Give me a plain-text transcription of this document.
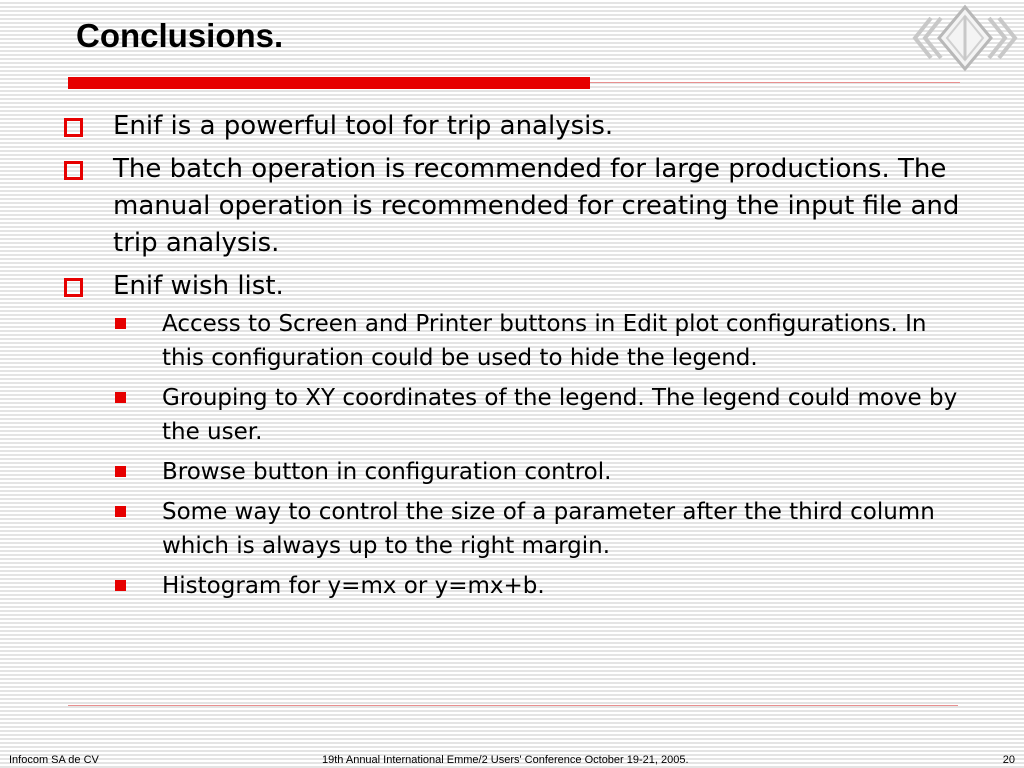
Conclusions.
Enif is a powerful tool for trip analysis.
The batch operation is recommended for large productions. The manual operation is recommended for creating the input file and trip analysis.
Enif wish list.
Access to Screen and Printer buttons in Edit plot configurations. In this configuration could be used to hide the legend.
Grouping to XY coordinates of the legend. The legend could move by the user.
Browse button in configuration control.
Some way to control the size of a parameter after the third column which is always up to the right margin.
Histogram for y=mx or y=mx+b.
Infocom SA de CV	19th Annual International Emme/2 Users' Conference October 19-21, 2005.	20
